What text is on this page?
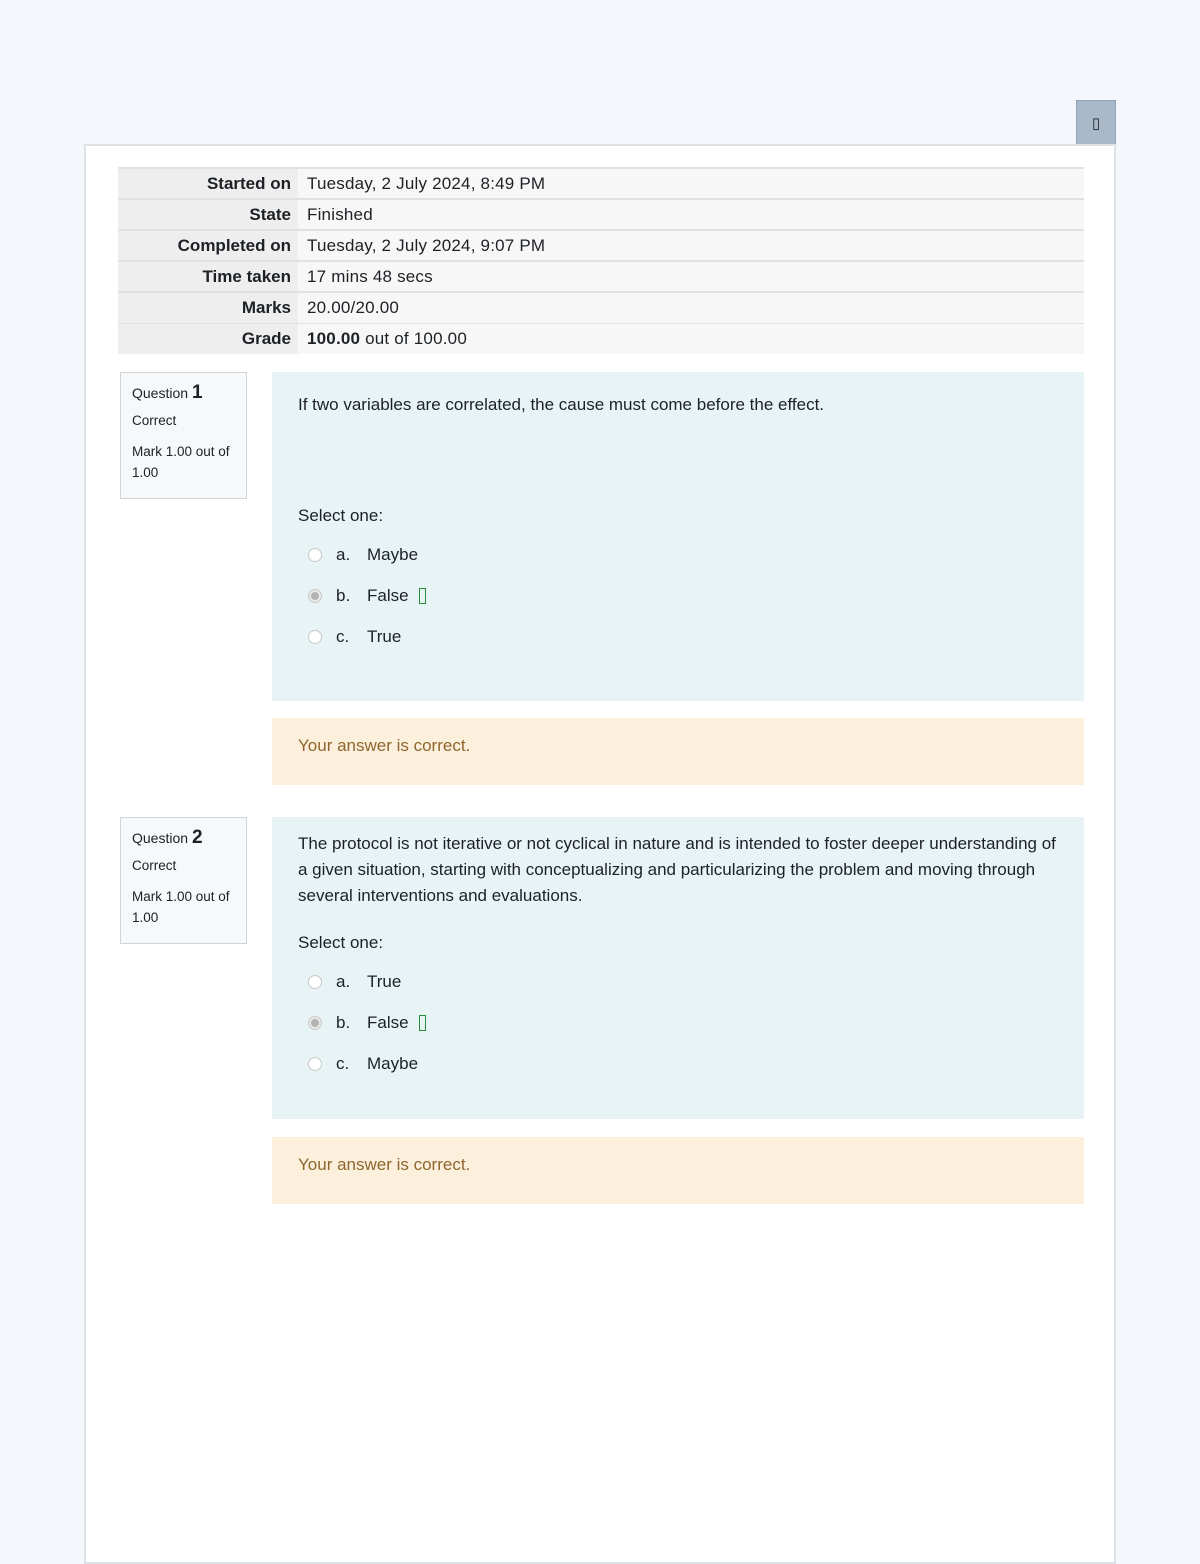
▯
Started on	Tuesday, 2 July 2024, 8:49 PM
State	Finished
Completed on	Tuesday, 2 July 2024, 9:07 PM
Time taken	17 mins 48 secs
Marks	20.00/20.00
Grade	100.00 out of 100.00
Question 1
Correct
Mark 1.00 out of 1.00

If two variables are correlated, the cause must come before the effect.

Select one:
a. Maybe
b. False
c.	True
Your answer is correct.
Question 2
Correct
Mark 1.00 out of 1.00

The protocol is not iterative or not cyclical in nature and is intended to foster deeper understanding of a given situation, starting with conceptualizing and particularizing the problem and moving through several interventions and evaluations.

Select one:
a. True
b. False
c.	Maybe
Your answer is correct.
